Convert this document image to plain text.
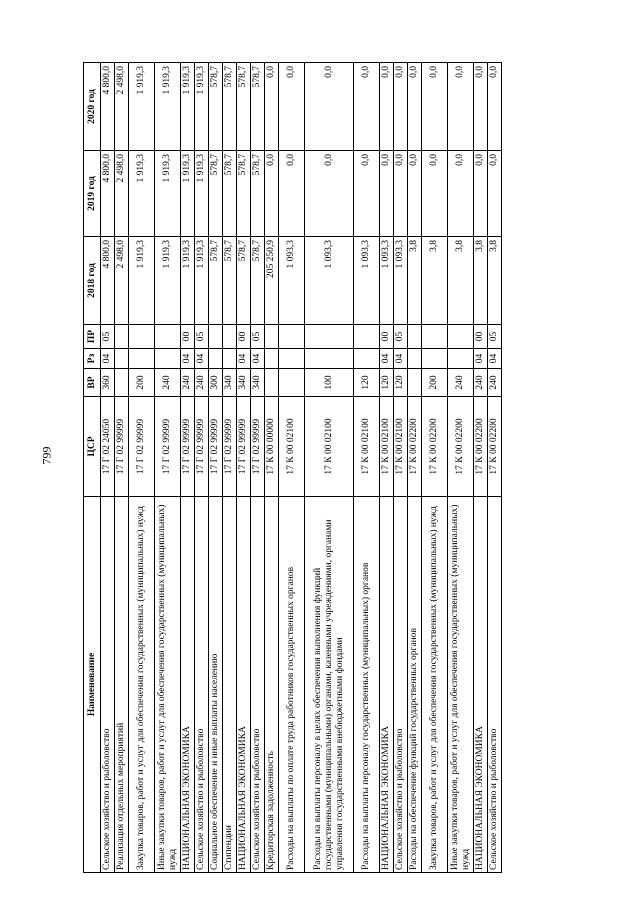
799
Наименование	ЦСР	ВР	Рз	ПР	2018 год	2019 год	2020 год
Сельское хозяйство и рыболовство	17 Г 02 24050	360	04	05	4 800,0	4 800,0	4 800,0
Реализация отдельных мероприятий	17 Г 02 99999				2 498,0	2 498,0	2 498,0
Закупка товаров, работ и услуг для обеспечения государственных (муниципальных) нужд	17 Г 02 99999	200			1 919,3	1 919,3	1 919,3
Иные закупки товаров, работ и услуг для обеспечения государственных (муниципальных) нужд	17 Г 02 99999	240			1 919,3	1 919,3	1 919,3
НАЦИОНАЛЬНАЯ ЭКОНОМИКА	17 Г 02 99999	240	04	00	1 919,3	1 919,3	1 919,3
Сельское хозяйство и рыболовство	17 Г 02 99999	240	04	05	1 919,3	1 919,3	1 919,3
Социальное обеспечение и иные выплаты населению	17 Г 02 99999	300			578,7	578,7	578,7
Стипендии	17 Г 02 99999	340			578,7	578,7	578,7
НАЦИОНАЛЬНАЯ ЭКОНОМИКА	17 Г 02 99999	340	04	00	578,7	578,7	578,7
Сельское хозяйство и рыболовство	17 Г 02 99999	340	04	05	578,7	578,7	578,7
Кредиторская задолженность	17 К 00 00000				205 250,9	0,0	0,0
Расходы на выплаты по оплате труда работников государственных органов	17 К 00 02100				1 093,3	0,0	0,0
Расходы на выплаты персоналу в целях обеспечения выполнения функций государственными (муниципальными) органами, казенными учреждениями, органами управления государственными внебюджетными фондами	17 К 00 02100	100			1 093,3	0,0	0,0
Расходы на выплаты персоналу государственных (муниципальных) органов	17 К 00 02100	120			1 093,3	0,0	0,0
НАЦИОНАЛЬНАЯ ЭКОНОМИКА	17 К 00 02100	120	04	00	1 093,3	0,0	0,0
Сельское хозяйство и рыболовство	17 К 00 02100	120	04	05	1 093,3	0,0	0,0
Расходы на обеспечение функций государственных органов	17 К 00 02200				3,8	0,0	0,0
Закупка товаров, работ и услуг для обеспечения государственных (муниципальных) нужд	17 К 00 02200	200			3,8	0,0	0,0
Иные закупки товаров, работ и услуг для обеспечения государственных (муниципальных) нужд	17 К 00 02200	240			3,8	0,0	0,0
НАЦИОНАЛЬНАЯ ЭКОНОМИКА	17 К 00 02200	240	04	00	3,8	0,0	0,0
Сельское хозяйство и рыболовство	17 К 00 02200	240	04	05	3,8	0,0	0,0
